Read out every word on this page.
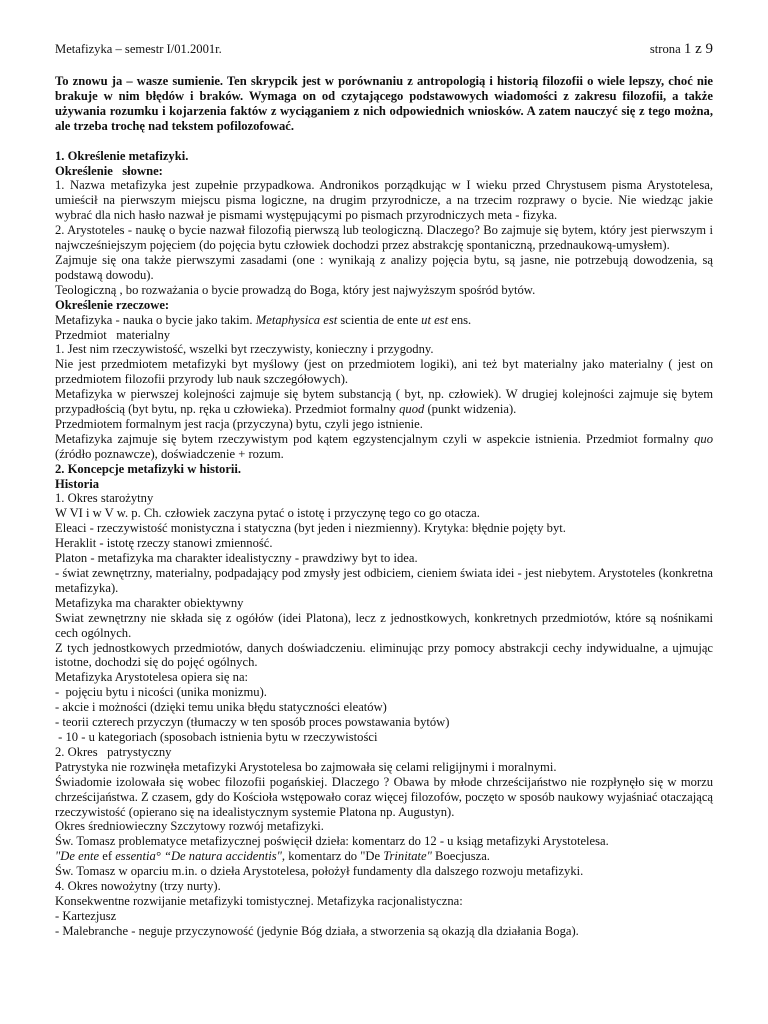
Metafizyka – semestr I/01.2001r.	strona 1 z 9

To znowu ja – wasze sumienie. Ten skrypcik jest w porównaniu z antropologią i historią filozofii o wiele lepszy, choć nie brakuje w nim błędów i braków. Wymaga on od czytającego podstawowych wiadomości z zakresu filozofii, a także używania rozumku i kojarzenia faktów z wyciąganiem z nich odpowiednich wniosków. A zatem nauczyć się z tego można, ale trzeba trochę nad tekstem pofilozofować.

1. Określenie metafizyki.

Określenie   słowne:

1. Nazwa metafizyka jest zupełnie przypadkowa. Andronikos porządkując w I wieku przed Chrystusem pisma Arystotelesa, umieścił na pierwszym miejscu pisma logiczne, na drugim przyrodnicze, a na trzecim rozprawy o bycie. Nie wiedząc jakie wybrać dla nich hasło nazwał je pismami występującymi po pismach przyrodniczych meta - fizyka.

2. Arystoteles - naukę o bycie nazwał filozofią pierwszą lub teologiczną. Dlaczego? Bo zajmuje się bytem, który jest pierwszym i najwcześniejszym pojęciem (do pojęcia bytu człowiek dochodzi przez abstrakcję spontaniczną, przednaukową-umysłem).

Zajmuje się ona także pierwszymi zasadami (one : wynikają z analizy pojęcia bytu, są jasne, nie potrzebują dowodzenia, są podstawą dowodu).

Teologiczną , bo rozważania o bycie prowadzą do Boga, który jest najwyższym spośród bytów.

Określenie rzeczowe:

Metafizyka - nauka o bycie jako takim. Metaphysica est scientia de ente ut est ens.

Przedmiot   materialny

1. Jest nim rzeczywistość, wszelki byt rzeczywisty, konieczny i przygodny.

Nie jest przedmiotem metafizyki byt myślowy (jest on przedmiotem logiki), ani też byt materialny jako materialny ( jest on przedmiotem filozofii przyrody lub nauk szczegółowych).

Metafizyka w pierwszej kolejności zajmuje się bytem substancją ( byt, np. człowiek). W drugiej kolejności zajmuje się bytem przypadłością (byt bytu, np. ręka u człowieka). Przedmiot formalny quod (punkt widzenia).

Przedmiotem formalnym jest racja (przyczyna) bytu, czyli jego istnienie.

Metafizyka zajmuje się bytem rzeczywistym pod kątem egzystencjalnym czyli w aspekcie istnienia. Przedmiot formalny quo (źródło poznawcze), doświadczenie + rozum.

2. Koncepcje metafizyki w historii.

Historia

1. Okres starożytny

W VI i w V w. p. Ch. człowiek zaczyna pytać o istotę i przyczynę tego co go otacza.

Eleaci - rzeczywistość monistyczna i statyczna (byt jeden i niezmienny). Krytyka: błędnie pojęty byt.

Heraklit - istotę rzeczy stanowi zmienność.

Platon - metafizyka ma charakter idealistyczny - prawdziwy byt to idea.

- świat zewnętrzny, materialny, podpadający pod zmysły jest odbiciem, cieniem świata idei - jest niebytem. Arystoteles (konkretna metafizyka).

Metafizyka ma charakter obiektywny

Swiat zewnętrzny nie składa się z ogółów (idei Platona), lecz z jednostkowych, konkretnych przedmiotów, które są nośnikami cech ogólnych.

Z tych jednostkowych przedmiotów, danych doświadczeniu. eliminując przy pomocy abstrakcji cechy indywidualne, a ujmując istotne, dochodzi się do pojęć ogólnych.

Metafizyka Arystotelesa opiera się na:

-  pojęciu bytu i nicości (unika monizmu).

- akcie i możności (dzięki temu unika błędu statyczności eleatów)

- teorii czterech przyczyn (tłumaczy w ten sposób proces powstawania bytów)

- 10 - u kategoriach (sposobach istnienia bytu w rzeczywistości

2. Okres   patrystyczny

Patrystyka nie rozwinęła metafizyki Arystotelesa bo zajmowała się celami religijnymi i moralnymi.

Świadomie izolowała się wobec filozofii pogańskiej. Dlaczego ? Obawa by młode chrześcijaństwo nie rozpłynęło się w morzu chrześcijaństwa. Z czasem, gdy do Kościoła wstępowało coraz więcej filozofów, poczęto w sposób naukowy wyjaśniać otaczającą rzeczywistość (opierano się na idealistycznym systemie Platona np. Augustyn).

Okres średniowieczny Szczytowy rozwój metafizyki.

Św. Tomasz problematyce metafizycznej poświęcił dzieła: komentarz do 12 - u ksiąg metafizyki Arystotelesa.

"De ente ef essentia° “De natura accidentis", komentarz do "De Trinitate" Boecjusza.

Św. Tomasz w oparciu m.in. o dzieła Arystotelesa, położył fundamenty dla dalszego rozwoju metafizyki.

4. Okres nowożytny (trzy nurty).

Konsekwentne rozwijanie metafizyki tomistycznej. Metafizyka racjonalistyczna:

- Kartezjusz

- Malebranche - neguje przyczynowość (jedynie Bóg działa, a stworzenia są okazją dla działania Boga).
